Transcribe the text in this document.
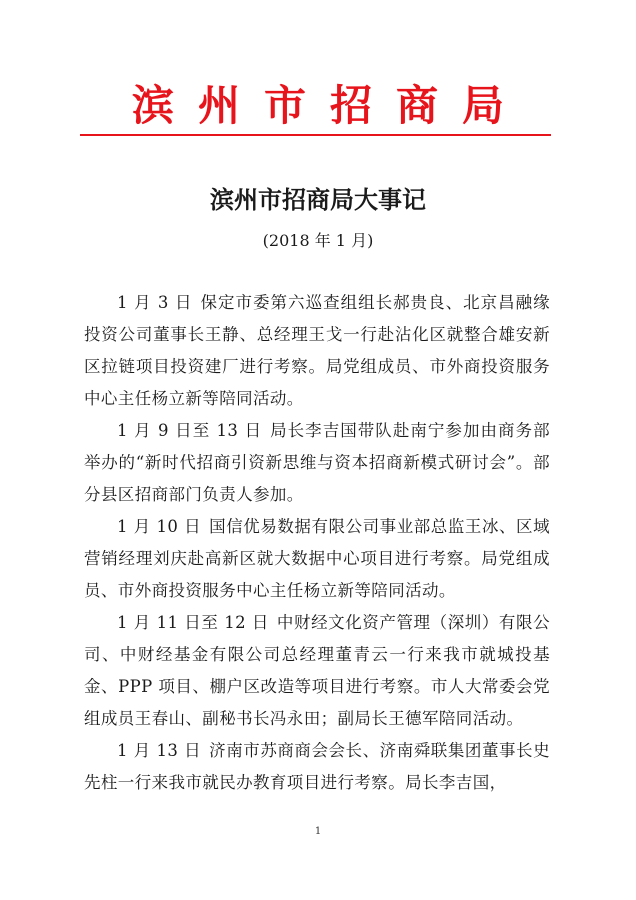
滨州市招商局
滨州市招商局大事记
(2018 年 1 月)

1 月 3 日 保定市委第六巡查组组长郝贵良、北京昌融缘投资公司董事长王静、总经理王戈一行赴沾化区就整合雄安新区拉链项目投资建厂进行考察。局党组成员、市外商投资服务中心主任杨立新等陪同活动。

1 月 9 日至 13 日 局长李吉国带队赴南宁参加由商务部举办的“新时代招商引资新思维与资本招商新模式研讨会”。部分县区招商部门负责人参加。

1 月 10 日 国信优易数据有限公司事业部总监王冰、区域营销经理刘庆赴高新区就大数据中心项目进行考察。局党组成员、市外商投资服务中心主任杨立新等陪同活动。

1 月 11 日至 12 日 中财经文化资产管理（深圳）有限公司、中财经基金有限公司总经理董青云一行来我市就城投基金、PPP 项目、棚户区改造等项目进行考察。市人大常委会党组成员王春山、副秘书长冯永田；副局长王德军陪同活动。

1 月 13 日 济南市苏商商会会长、济南舜联集团董事长史先柱一行来我市就民办教育项目进行考察。局长李吉国，

1
